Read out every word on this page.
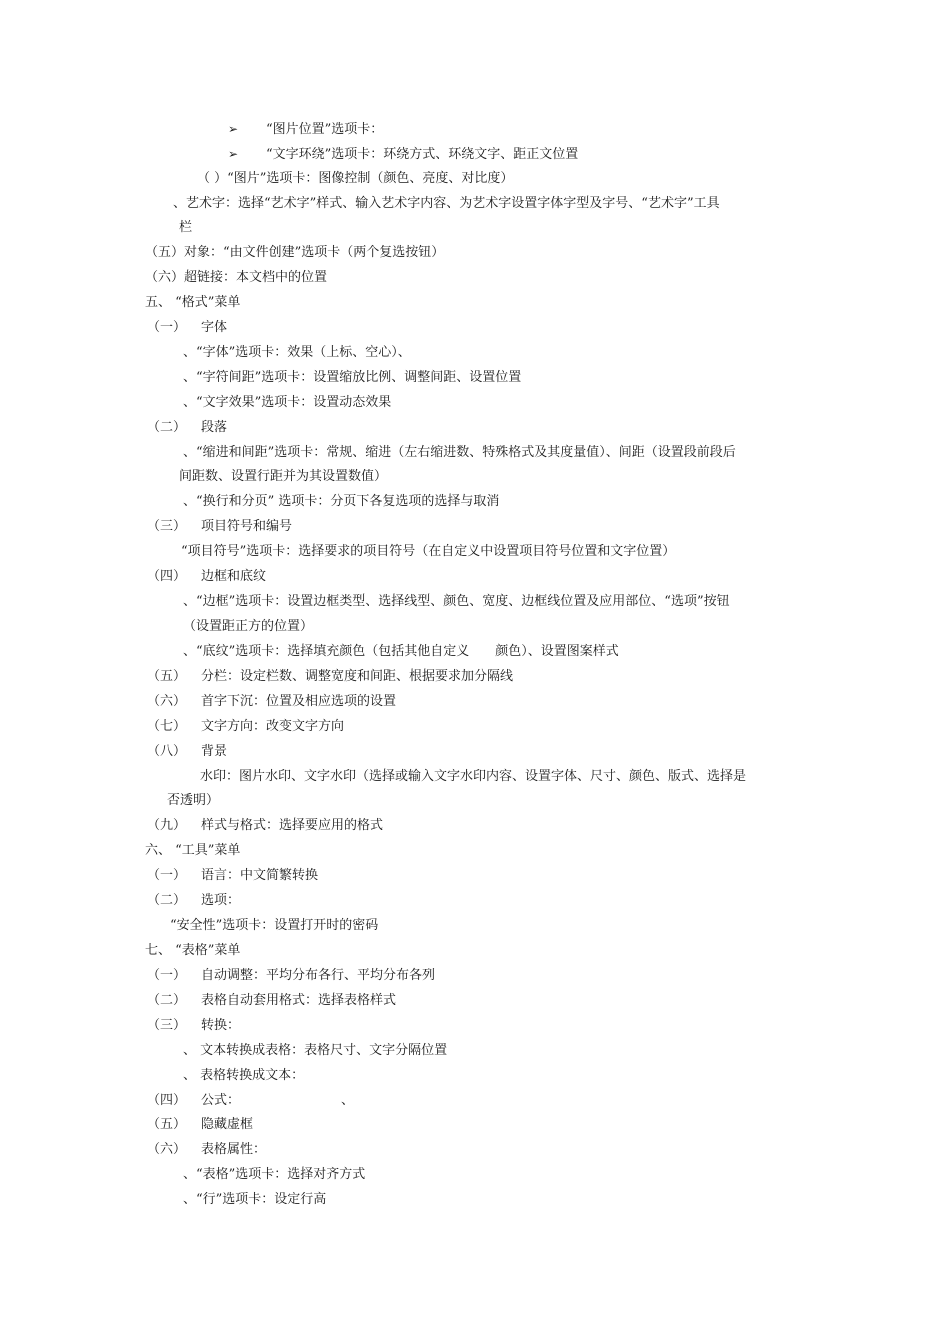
➢ “图片位置”选项卡：
➢ “文字环绕”选项卡：环绕方式、环绕文字、距正文位置
（ ）“图片”选项卡：图像控制（颜色、亮度、对比度）
、艺术字：选择“艺术字”样式、输入艺术字内容、为艺术字设置字体字型及字号、“艺术字”工具
栏
（五）对象：“由文件创建”选项卡（两个复选按钮）
（六）超链接：本文档中的位置
五、 “格式”菜单
（一） 字体
、“字体”选项卡：效果（上标、空心）、
、“字符间距”选项卡：设置缩放比例、调整间距、设置位置
、“文字效果”选项卡：设置动态效果
（二） 段落
、“缩进和间距”选项卡：常规、缩进（左右缩进数、特殊格式及其度量值）、间距（设置段前段后
间距数、设置行距并为其设置数值）
、“换行和分页” 选项卡：分页下各复选项的选择与取消
（三） 项目符号和编号
“项目符号”选项卡：选择要求的项目符号（在自定义中设置项目符号位置和文字位置）
（四） 边框和底纹
、“边框”选项卡：设置边框类型、选择线型、颜色、宽度、边框线位置及应用部位、“选项”按钮
（设置距正方的位置）
、“底纹”选项卡：选择填充颜色（包括其他自定义 颜色）、设置图案样式
（五） 分栏：设定栏数、调整宽度和间距、根据要求加分隔线
（六） 首字下沉：位置及相应选项的设置
（七） 文字方向：改变文字方向
（八） 背景
水印：图片水印、文字水印（选择或输入文字水印内容、设置字体、尺寸、颜色、版式、选择是
否透明）
（九） 样式与格式：选择要应用的格式
六、 “工具”菜单
（一） 语言：中文简繁转换
（二） 选项：
“安全性”选项卡：设置打开时的密码
七、 “表格”菜单
（一） 自动调整：平均分布各行、平均分布各列
（二） 表格自动套用格式：选择表格样式
（三） 转换：
、 文本转换成表格：表格尺寸、文字分隔位置
、 表格转换成文本：
（四） 公式：	、
（五） 隐藏虚框
（六） 表格属性：
、“表格”选项卡：选择对齐方式
、“行”选项卡：设定行高
